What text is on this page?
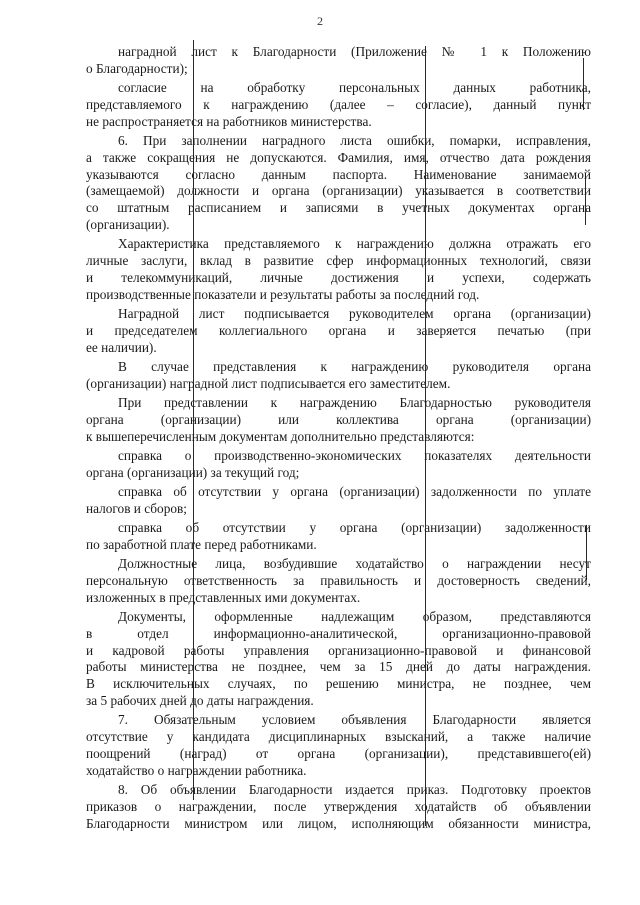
2
наградной лист к Благодарности (Приложение № 1 к Положению
о Благодарности);
согласие на обработку персональных данных работника,
представляемого к награждению (далее – согласие), данный пункт
не распространяется на работников министерства.
6. При заполнении наградного листа ошибки, помарки, исправления,
а также сокращения не допускаются. Фамилия, имя, отчество дата рождения
указываются согласно данным паспорта. Наименование занимаемой
(замещаемой) должности и органа (организации) указывается в соответствии
со штатным расписанием и записями в учетных документах органа
(организации).
Характеристика представляемого к награждению должна отражать его
личные заслуги, вклад в развитие сфер информационных технологий, связи
и телекоммуникаций, личные достижения и успехи, содержать
производственные показатели и результаты работы за последний год.
Наградной лист подписывается руководителем органа (организации)
и председателем коллегиального органа и заверяется печатью (при
ее наличии).
В случае представления к награждению руководителя органа
(организации) наградной лист подписывается его заместителем.
При представлении к награждению Благодарностью руководителя
органа (организации) или коллектива органа (организации)
к вышеперечисленным документам дополнительно представляются:
справка о производственно-экономических показателях деятельности
органа (организации) за текущий год;
справка об отсутствии у органа (организации) задолженности по уплате
налогов и сборов;
справка об отсутствии у органа (организации) задолженности
по заработной плате перед работниками.
Должностные лица, возбудившие ходатайство о награждении несут
персональную ответственность за правильность и достоверность сведений,
изложенных в представленных ими документах.
Документы, оформленные надлежащим образом, представляются
в отдел информационно-аналитической, организационно-правовой
и кадровой работы управления организационно-правовой и финансовой
работы министерства не позднее, чем за 15 дней до даты награждения.
В исключительных случаях, по решению министра, не позднее, чем
за 5 рабочих дней до даты награждения.
7. Обязательным условием объявления Благодарности является
отсутствие у кандидата дисциплинарных взысканий, а также наличие
поощрений (наград) от органа (организации), представившего(ей)
ходатайство о награждении работника.
8. Об объявлении Благодарности издается приказ. Подготовку проектов
приказов о награждении, после утверждения ходатайств об объявлении
Благодарности министром или лицом, исполняющим обязанности министра,
